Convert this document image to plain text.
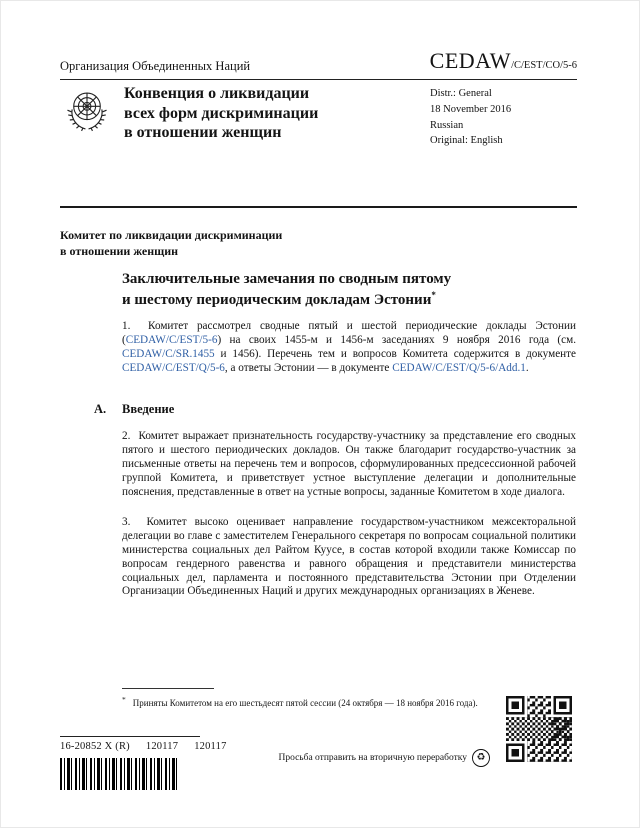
Организация Объединенных Наций	CEDAW/C/EST/CO/5-6
Конвенция о ликвидации
всех форм дискриминации
в отношении женщин
Distr.: General
18 November 2016
Russian
Original: English
Комитет по ликвидации дискриминации
в отношении женщин
Заключительные замечания по сводным пятому
и шестому периодическим докладам Эстонии*

1.  Комитет рассмотрел сводные пятый и шестой периодические доклады Эстонии (CEDAW/C/EST/5-6) на своих 1455-м и 1456-м заседаниях 9 ноября 2016 года (см. CEDAW/C/SR.1455 и 1456). Перечень тем и вопросов Комитета содержится в документе CEDAW/C/EST/Q/5-6, а ответы Эстонии — в документе CEDAW/C/EST/Q/5-6/Add.1.

A. Введение

2.  Комитет выражает признательность государству-участнику за представление его сводных пятого и шестого периодических докладов. Он также благодарит государство-участник за письменные ответы на перечень тем и вопросов, сформулированных предсессионной рабочей группой Комитета, и приветствует устное выступление делегации и дополнительные пояснения, представленные в ответ на устные вопросы, заданные Комитетом в ходе диалога.

3.  Комитет высоко оценивает направление государством-участником межсекторальной делегации во главе с заместителем Генерального секретаря по вопросам социальной политики министерства социальных дел Райтом Куусе, в состав которой входили также Комиссар по вопросам гендерного равенства и равного обращения и представители министерства социальных дел, парламента и постоянного представительства Эстонии при Отделении Организации Объединенных Наций и других международных организациях в Женеве.

* Приняты Комитетом на его шестьдесят пятой сессии (24 октября — 18 ноября 2016 года).

16-20852 X (R) 120117 120117
Просьба отправить на вторичную переработку ♻
